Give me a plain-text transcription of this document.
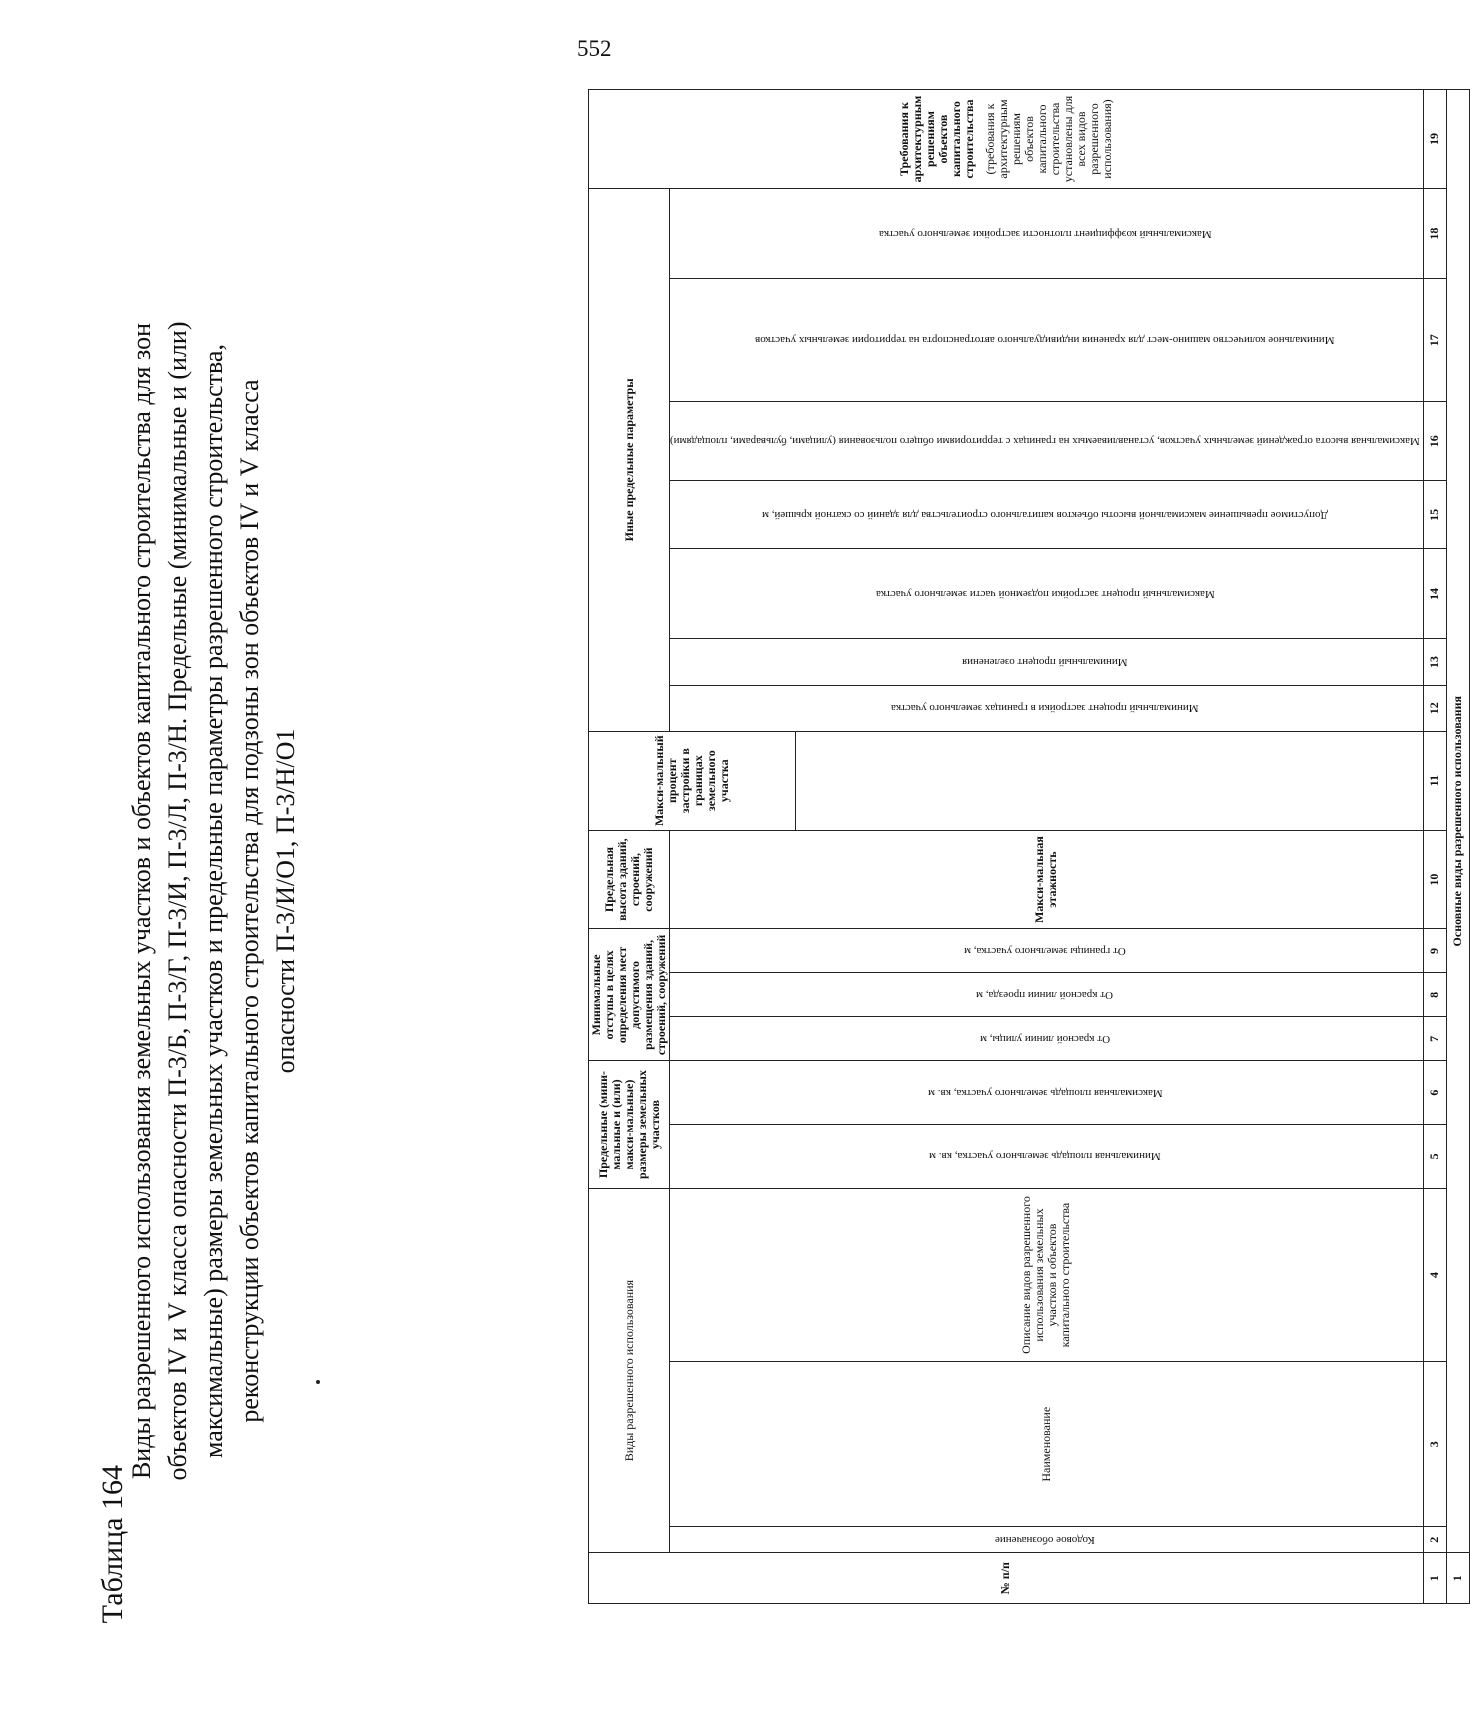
552
Таблица 164
Виды разрешенного использования земельных участков и объектов капитального строительства для зон объектов IV и V класса опасности П-3/Б, П-3/Г, П-3/И, П-3/Л, П-3/Н. Предельные (минимальные и (или) максимальные) размеры земельных участков и предельные параметры разрешенного строительства, реконструкции объектов капитального строительства для подзоны зон объектов IV и V класса опасности П-3/И/О1, П-3/Н/О1
№ п/п	Виды разрешенного использования			Предельные (мини-мальные и (или) макси-мальные) размеры земельных участков		Минимальные отступы в целях определения мест допустимого размещения зданий, строений, сооружений			Предельная высота зданий, строений, сооружений	Макси-мальный процент застройки в границах земельного участка	Иные предельные параметры							Требования к архитектурным решениям объектов капитального строительства (требования к архитектурным решениям объектов капитального строительства установлены для всех видов разрешенного использования)

	Кодовое обозначение	Наименование	Описание видов разрешенного использования земельных участков и объектов капитального строительства	Минимальная площадь земельного участка, кв. м	Максимальная площадь земельного участка, кв. м	От красной линии улицы, м	От красной линии проезда, м	От границы земельного участка, м	Макси-мальная этажность		Минимальный процент застройки в границах земельного участка	Минимальный процент озеленения	Максимальный процент застройки подземной части земельного участка	Допустимое превышение максимальной высоты объектов капитального строительства для зданий со скатной крышей, м	Максимальная высота ограждений земельных участков, устанавливаемых на границах с территориями общего пользования (улицами, бульварами, площадями)	Минимальное количество машино-мест для хранения индивидуального автотранспорта на территории земельных участков	Максимальный коэффициент плотности застройки земельного участка	

1	2	3	4	5	6	7	8	9	10	11	12	13	14	15	16	17	18	19
1	Основные виды разрешенного использования																	
